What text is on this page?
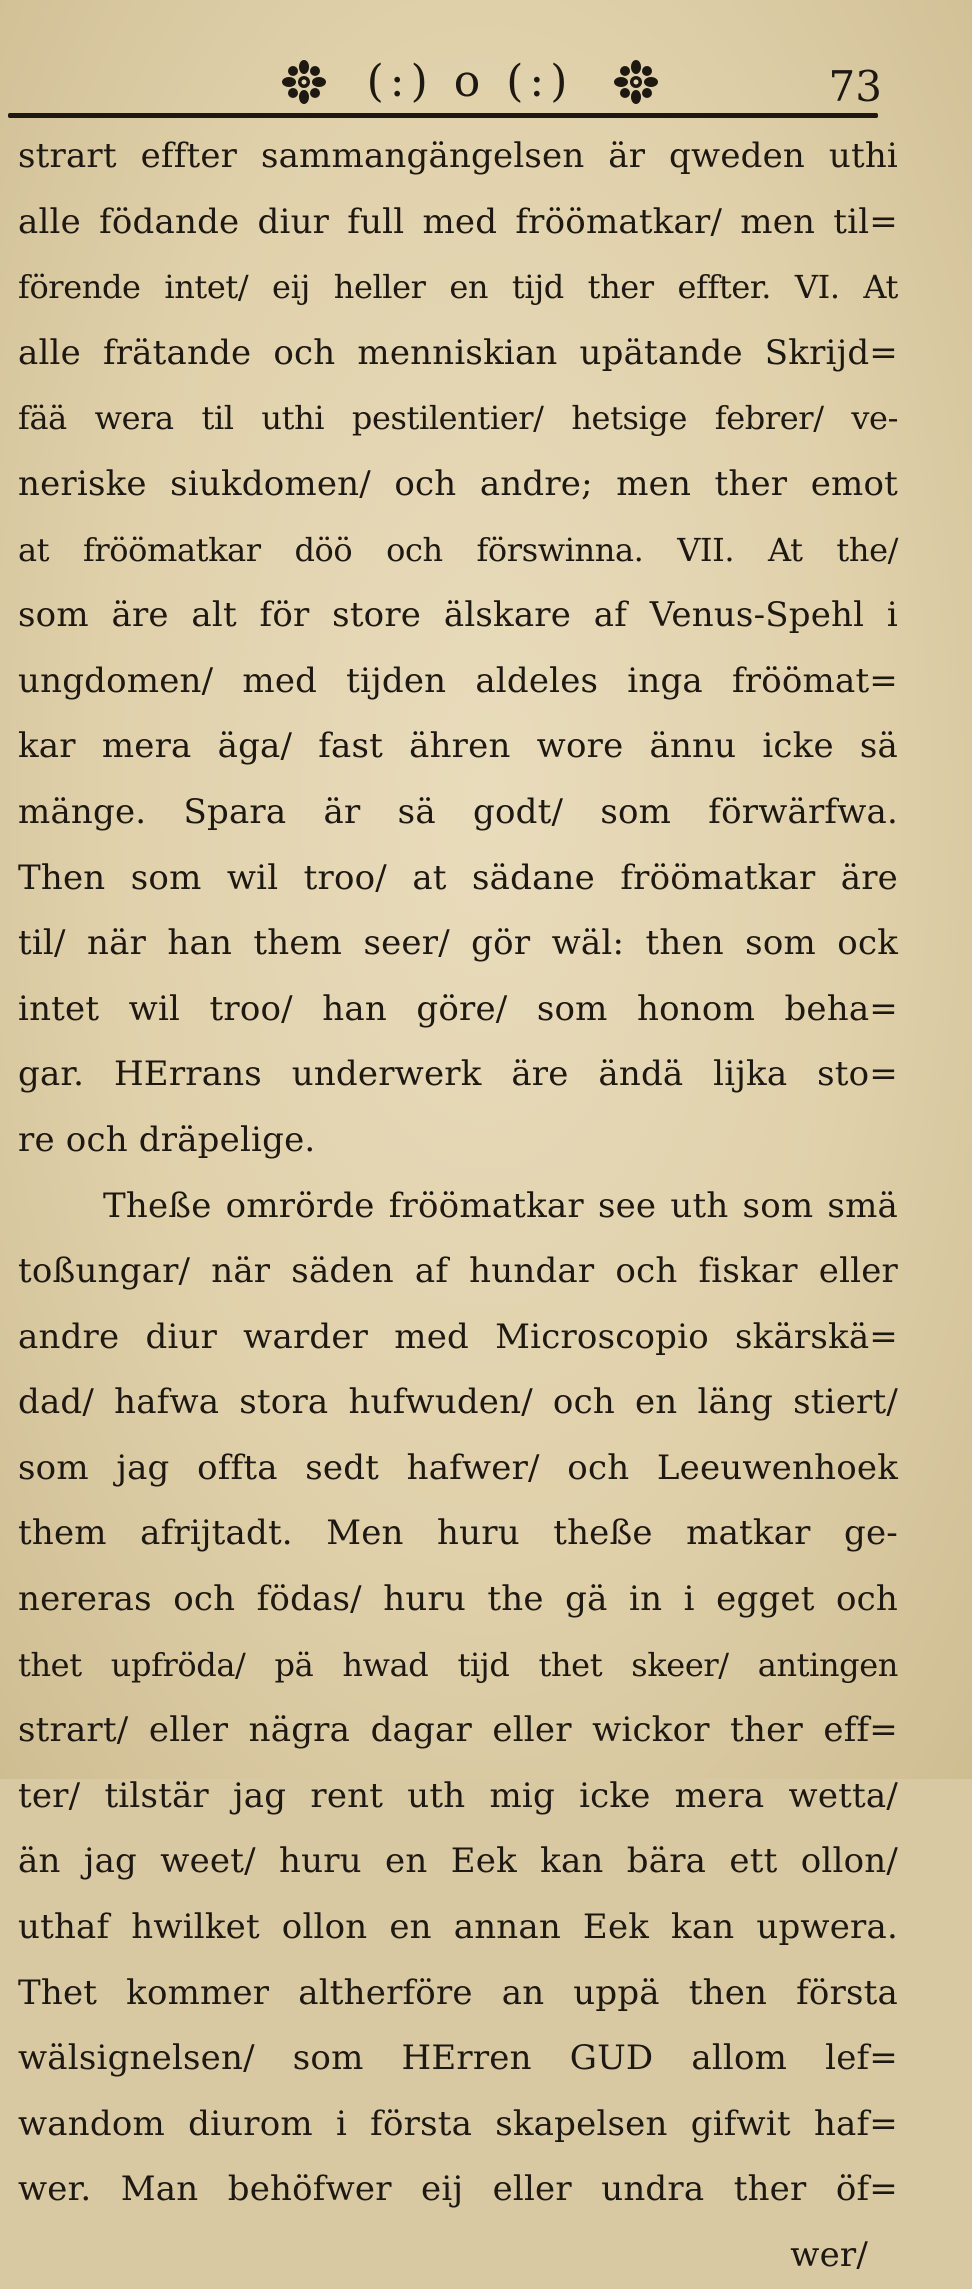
(:) o (:)	73
strart effter sammangängelsen är qweden uthi
alle födande diur full med fröömatkar/ men til=
förende intet/ eij heller en tijd ther effter. VI. At
alle frätande och menniskian upätande Skrijd=
fää wera til uthi pestilentier/ hetsige febrer/ ve-
neriske siukdomen/ och andre; men ther emot
at fröömatkar döö och förswinna. VII. At the/
som äre alt för store älskare af Venus-Spehl i
ungdomen/ med tijden aldeles inga fröömat=
kar mera äga/ fast ähren wore ännu icke sä
mänge. Spara är sä godt/ som förwärfwa.
Then som wil troo/ at sädane fröömatkar äre
til/ när han them seer/ gör wäl: then som ock
intet wil troo/ han göre/ som honom beha=
gar. HErrans underwerk äre ändä lijka sto=
re och dräpelige.
Theße omrörde fröömatkar see uth som smä
toßungar/ när säden af hundar och fiskar eller
andre diur warder med Microscopio skärskä=
dad/ hafwa stora hufwuden/ och en läng stiert/
som jag offta sedt hafwer/ och Leeuwenhoek
them afrijtadt. Men huru theße matkar ge-
nereras och födas/ huru the gä in i egget och
thet upfröda/ pä hwad tijd thet skeer/ antingen
strart/ eller nägra dagar eller wickor ther eff=
ter/ tilstär jag rent uth mig icke mera wetta/
än jag weet/ huru en Eek kan bära ett ollon/
uthaf hwilket ollon en annan Eek kan upwera.
Thet kommer altherföre an uppä then första
wälsignelsen/ som HErren GUD allom lef=
wandom diurom i första skapelsen gifwit haf=
wer. Man behöfwer eij eller undra ther öf=
wer/
